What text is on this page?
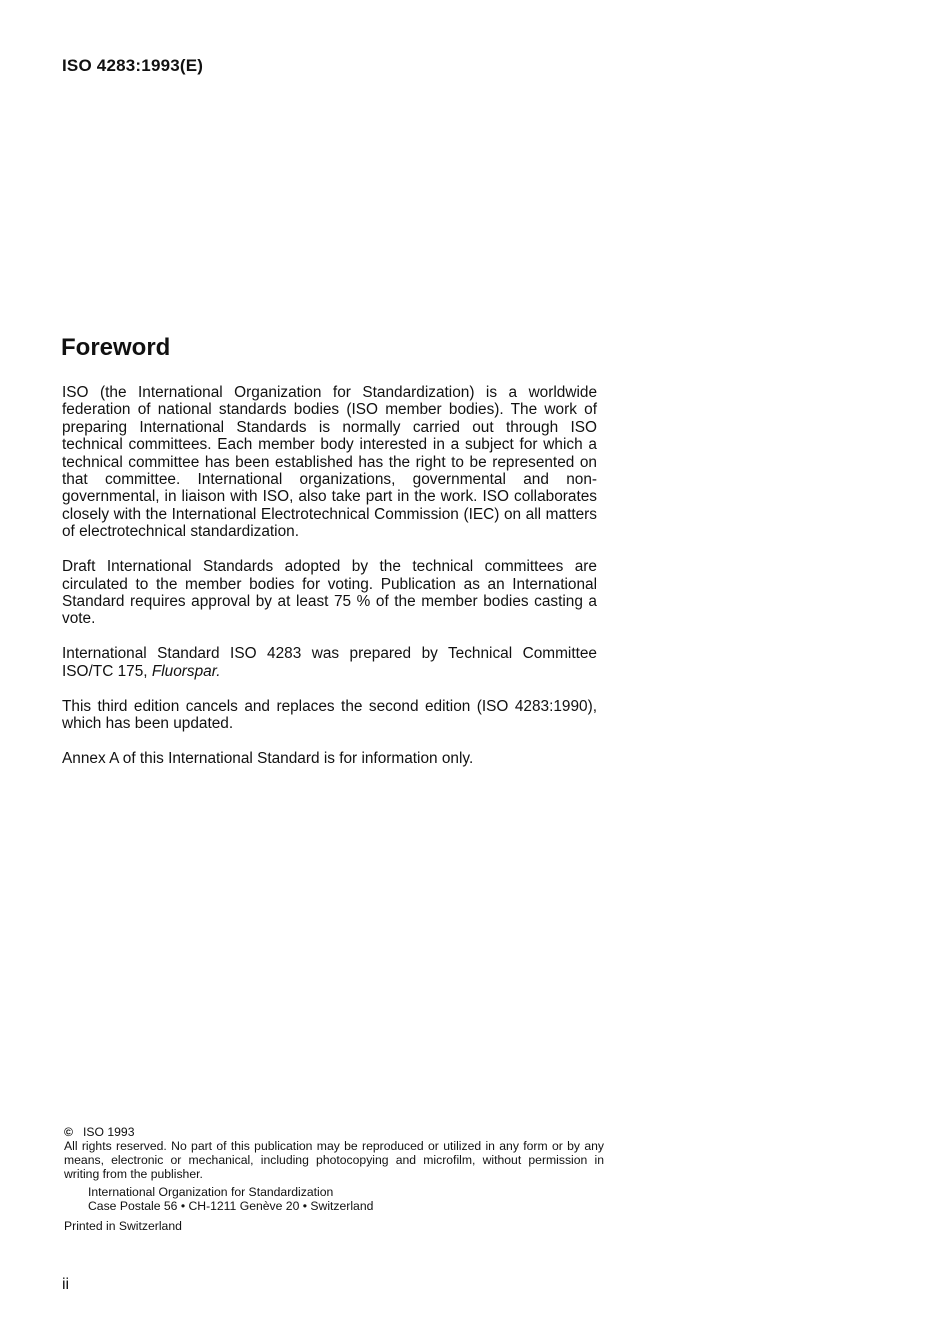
ISO 4283:1993(E)
Foreword

ISO (the International Organization for Standardization) is a worldwide federation of national standards bodies (ISO member bodies). The work of preparing International Standards is normally carried out through ISO technical committees. Each member body interested in a subject for which a technical committee has been established has the right to be represented on that committee. International organizations, governmental and non-governmental, in liaison with ISO, also take part in the work. ISO collaborates closely with the International Electrotechnical Commission (IEC) on all matters of electrotechnical standardization.

Draft International Standards adopted by the technical committees are circulated to the member bodies for voting. Publication as an International Standard requires approval by at least 75 % of the member bodies casting a vote.

International Standard ISO 4283 was prepared by Technical Committee ISO/TC 175, Fluorspar.

This third edition cancels and replaces the second edition (ISO 4283:1990), which has been updated.

Annex A of this International Standard is for information only.

© ISO 1993
All rights reserved. No part of this publication may be reproduced or utilized in any form or by any means, electronic or mechanical, including photocopying and microfilm, without permission in writing from the publisher.
International Organization for Standardization
Case Postale 56 • CH-1211 Genève 20 • Switzerland
Printed in Switzerland
ii
